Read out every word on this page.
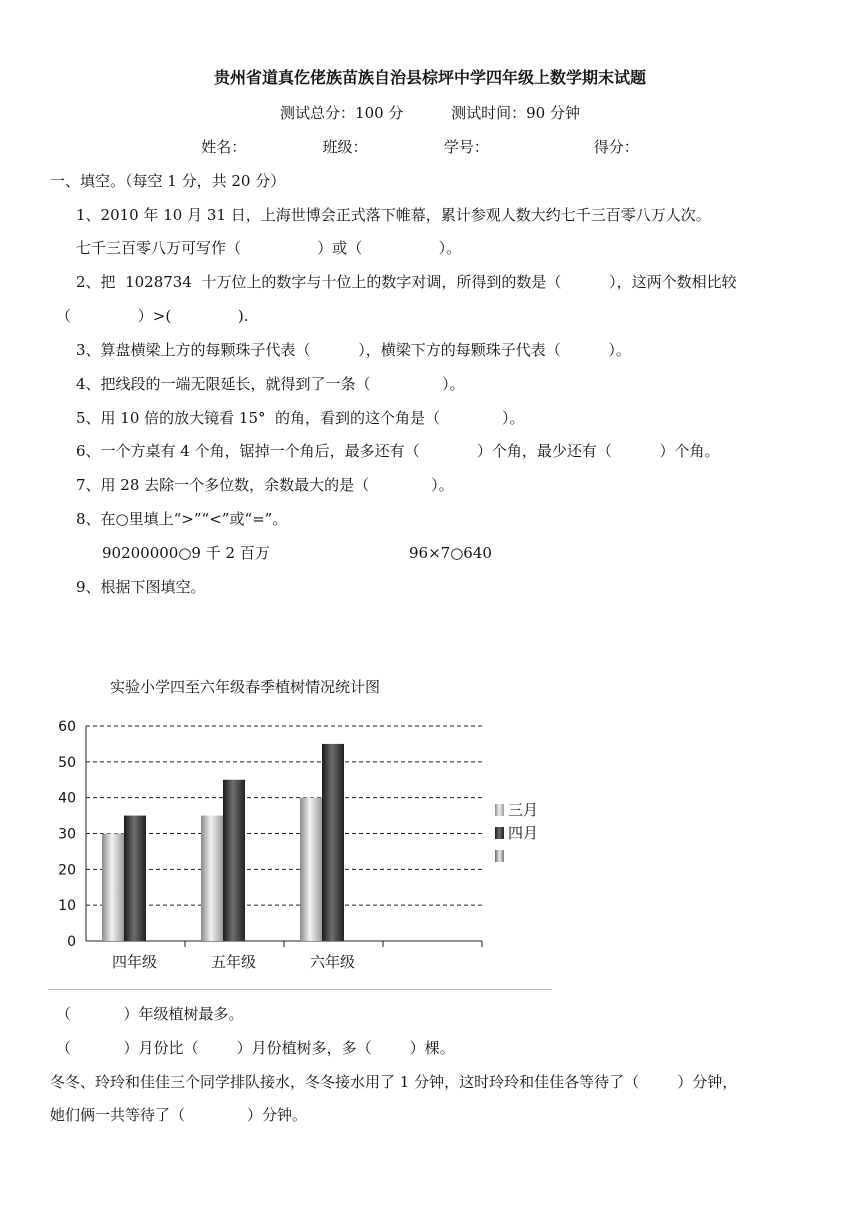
贵州省道真仡佬族苗族自治县棕坪中学四年级上数学期末试题
测试总分：100 分          测试时间：90 分钟
姓名：                班级：                学号：                      得分：
一、填空。（每空 1 分，共 20 分）
1、2010 年 10 月 31 日，上海世博会正式落下帷幕，累计参观人数大约七千三百零八万人次。
七千三百零八万可写作（                ）或（                ）。
2、把  1028734  十万位上的数字与十位上的数字对调，所得到的数是（          ），这两个数相比较
（              ）>(              ).
3、算盘横梁上方的每颗珠子代表（          ），横梁下方的每颗珠子代表（          ）。
4、把线段的一端无限延长，就得到了一条（               ）。
5、用 10 倍的放大镜看 15°  的角，看到的这个角是（             ）。
6、一个方桌有 4 个角，锯掉一个角后，最多还有（            ）个角，最少还有（          ）个角。
7、用 28 去除一个多位数，余数最大的是（             ）。
8、在○里填上“>”“<”或“=”。
90200000○9 千 2 百万	96×7○640
9、根据下图填空。
实验小学四至六年级春季植树情况统计图
0
10
20
30
40
50
60
四年级	五年级	六年级
三月
四月
（           ）年级植树最多。
（           ）月份比（        ）月份植树多，多（        ）棵。
冬冬、玲玲和佳佳三个同学排队接水，冬冬接水用了 1 分钟，这时玲玲和佳佳各等待了（        ）分钟，
她们俩一共等待了（             ）分钟。
